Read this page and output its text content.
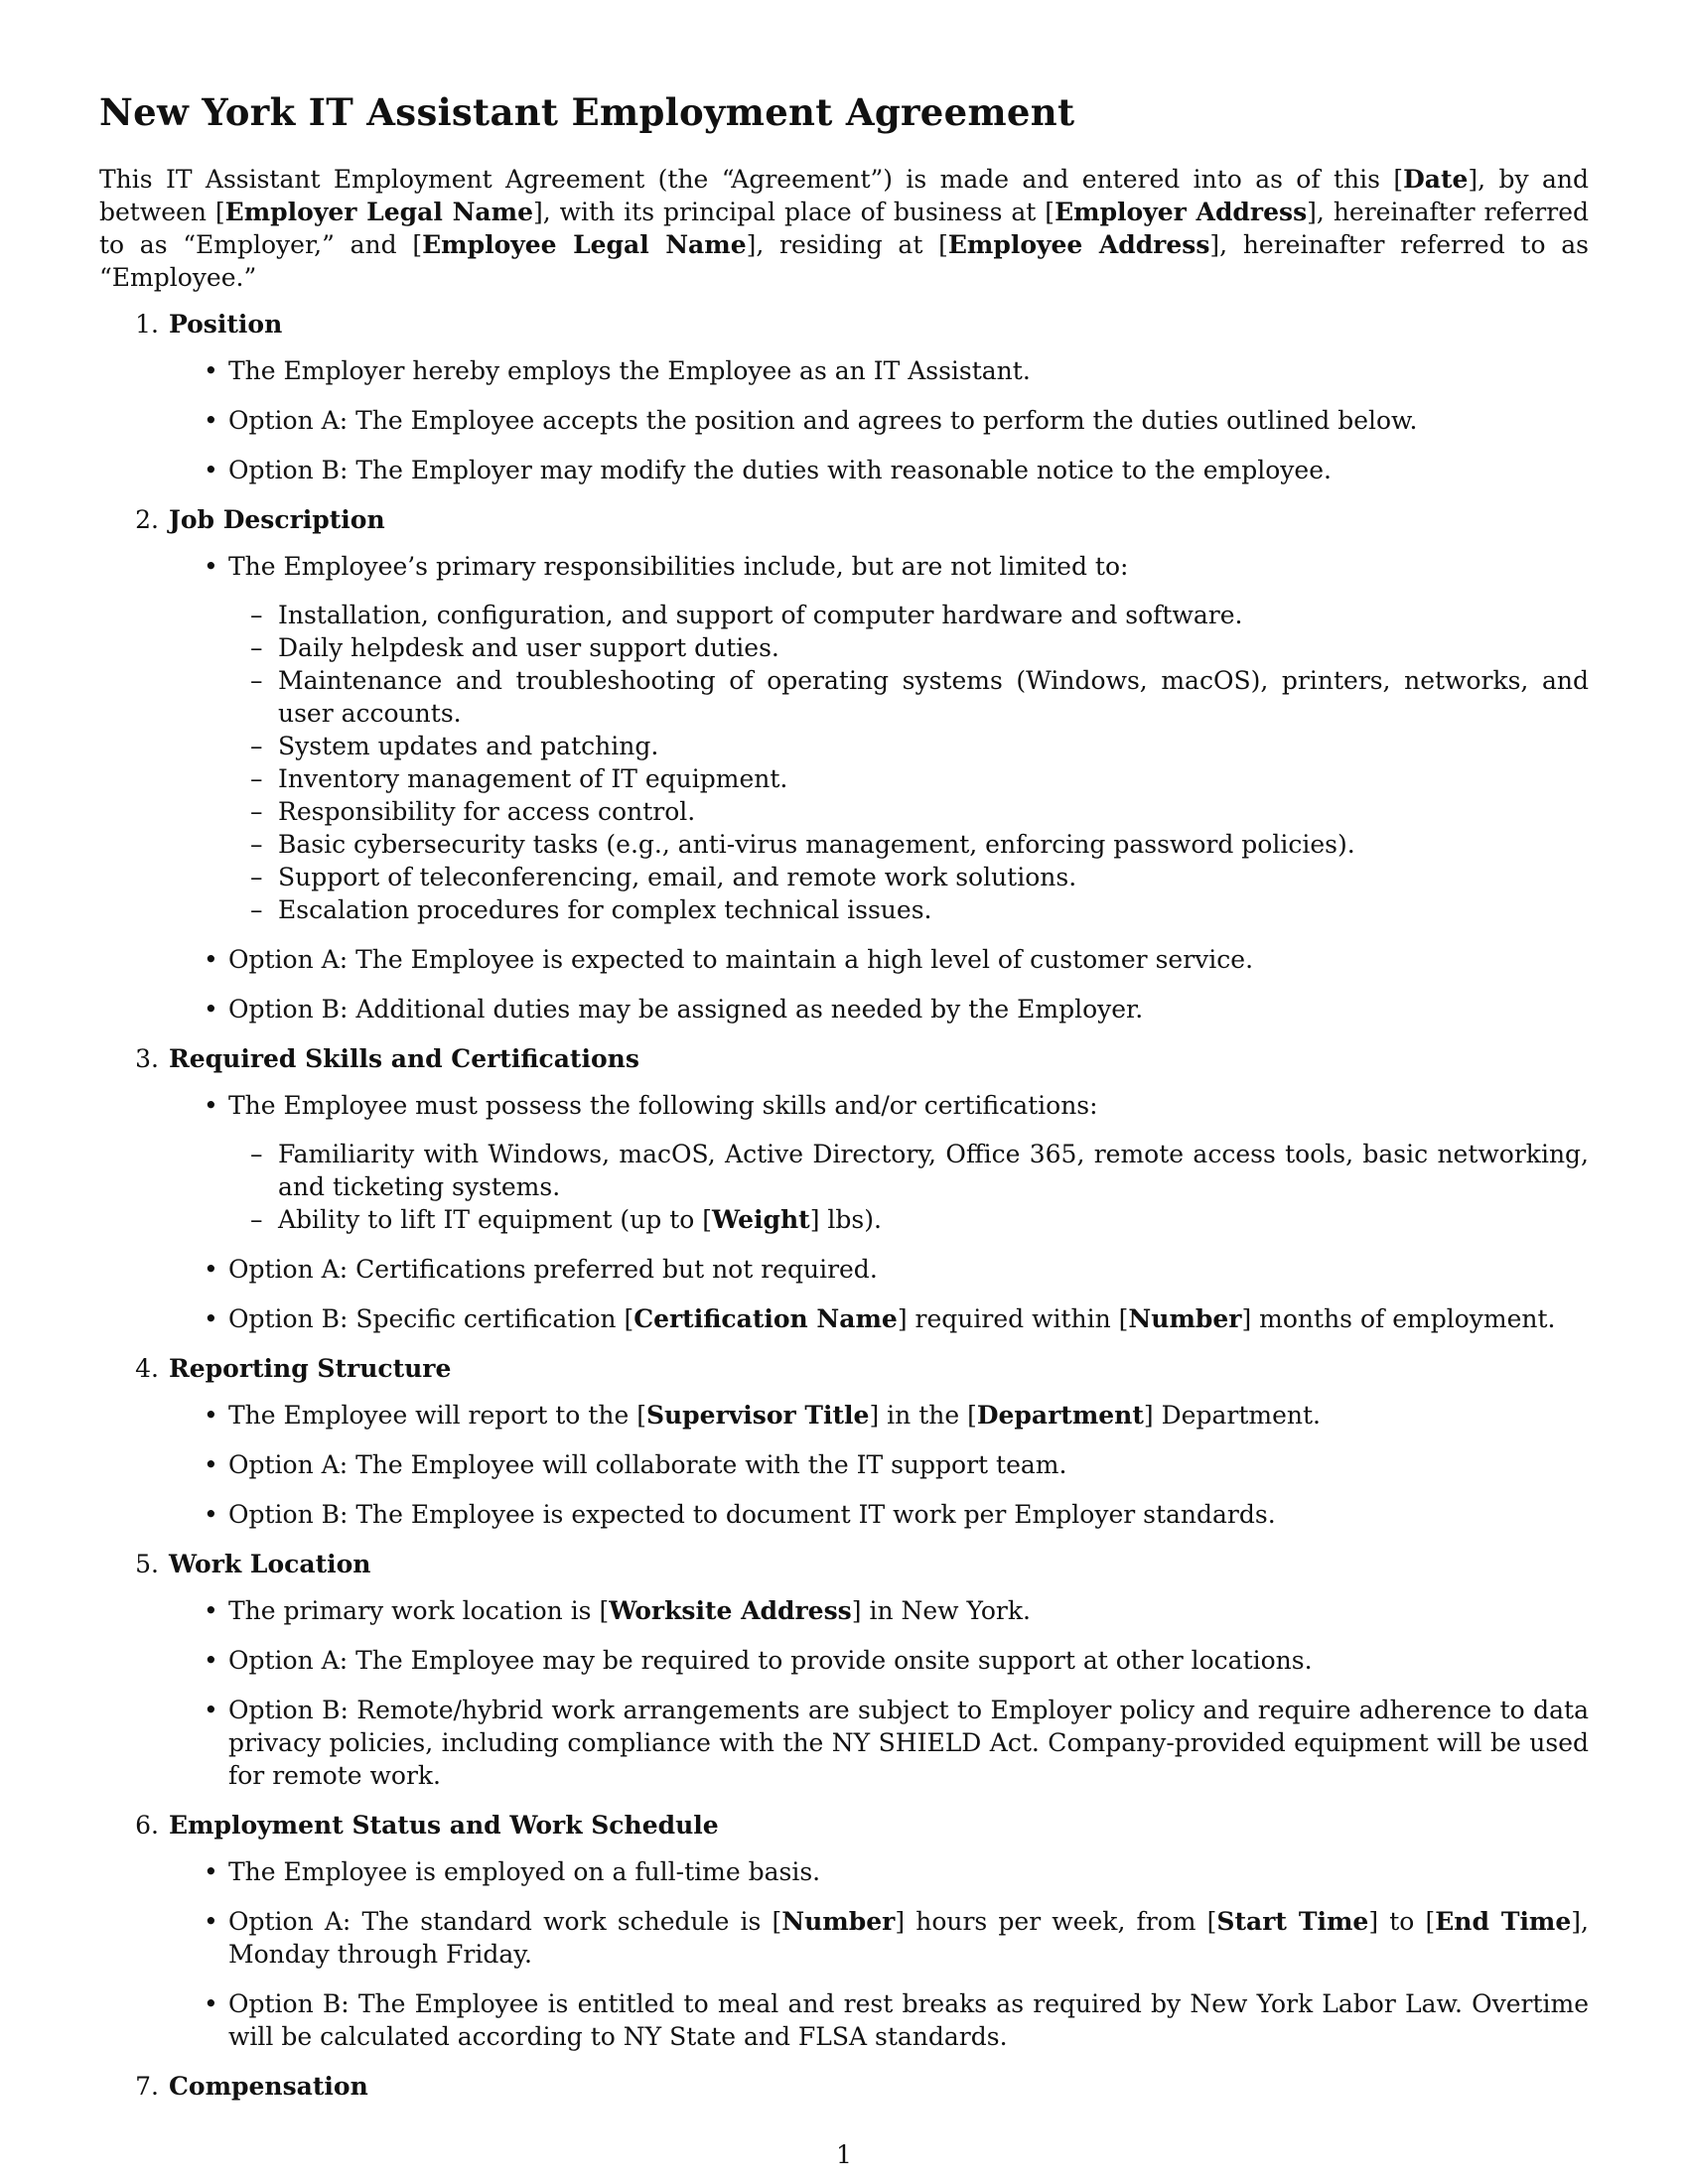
New York IT Assistant Employment Agreement

This IT Assistant Employment Agreement (the “Agreement”) is made and entered into as of this [Date], by and between [Employer Legal Name], with its principal place of business at [Employer Address], hereinafter referred to as “Employer,” and [Employee Legal Name], residing at [Employee Address], hereinafter referred to as “Employee.”

1. Position
• The Employer hereby employs the Employee as an IT Assistant.
• Option A: The Employee accepts the position and agrees to perform the duties outlined below.
• Option B: The Employer may modify the duties with reasonable notice to the employee.
2. Job Description
• The Employee’s primary responsibilities include, but are not limited to:
– Installation, configuration, and support of computer hardware and software.
– Daily helpdesk and user support duties.
– Maintenance and troubleshooting of operating systems (Windows, macOS), printers, networks, and user accounts.
– System updates and patching.
– Inventory management of IT equipment.
– Responsibility for access control.
– Basic cybersecurity tasks (e.g., anti-virus management, enforcing password policies).
– Support of teleconferencing, email, and remote work solutions.
– Escalation procedures for complex technical issues.
• Option A: The Employee is expected to maintain a high level of customer service.
• Option B: Additional duties may be assigned as needed by the Employer.
3. Required Skills and Certifications
• The Employee must possess the following skills and/or certifications:
– Familiarity with Windows, macOS, Active Directory, Office 365, remote access tools, basic networking, and ticketing systems.
– Ability to lift IT equipment (up to [Weight] lbs).
• Option A: Certifications preferred but not required.
• Option B: Specific certification [Certification Name] required within [Number] months of employment.
4. Reporting Structure
• The Employee will report to the [Supervisor Title] in the [Department] Department.
• Option A: The Employee will collaborate with the IT support team.
• Option B: The Employee is expected to document IT work per Employer standards.
5. Work Location
• The primary work location is [Worksite Address] in New York.
• Option A: The Employee may be required to provide onsite support at other locations.
• Option B: Remote/hybrid work arrangements are subject to Employer policy and require adherence to data privacy policies, including compliance with the NY SHIELD Act. Company-provided equipment will be used for remote work.
6. Employment Status and Work Schedule
• The Employee is employed on a full-time basis.
• Option A: The standard work schedule is [Number] hours per week, from [Start Time] to [End Time], Monday through Friday.
• Option B: The Employee is entitled to meal and rest breaks as required by New York Labor Law. Overtime will be calculated according to NY State and FLSA standards.
7. Compensation
1
